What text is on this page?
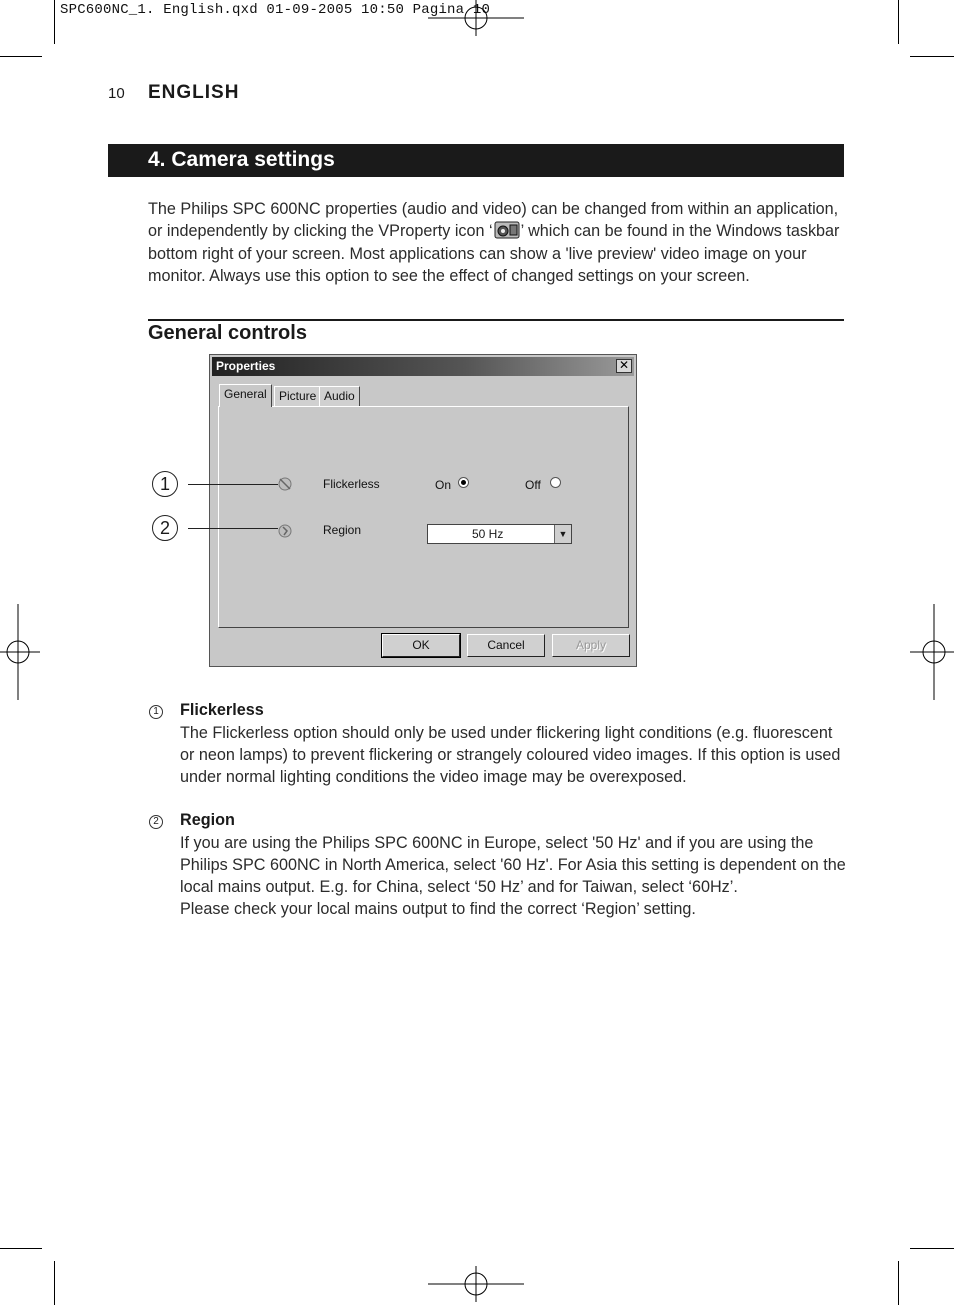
SPC600NC_1. English.qxd 01-09-2005 10:50 Pagina 10
10 ENGLISH
4. Camera settings
The Philips SPC 600NC properties (audio and video) can be changed from within an application, or independently by clicking the VProperty icon ‘ ’ which can be found in the Windows taskbar bottom right of your screen. Most applications can show a 'live preview' video image on your monitor. Always use this option to see the effect of changed settings on your screen.
General controls
Properties	✕
General	Picture Audio
Flickerless	On	Off
Region	50 Hz	▼
OK	Cancel	Apply
1
2
1 Flickerless

The Flickerless option should only be used under flickering light conditions (e.g. fluorescent or neon lamps) to prevent flickering or strangely coloured video images. If this option is used under normal lighting conditions the video image may be overexposed.

2 Region

If you are using the Philips SPC 600NC in Europe, select '50 Hz' and if you are using the Philips SPC 600NC in North America, select '60 Hz'. For Asia this setting is dependent on the local mains output. E.g. for China, select ‘50 Hz’ and for Taiwan, select ‘60Hz’.

Please check your local mains output to find the correct ‘Region’ setting.
